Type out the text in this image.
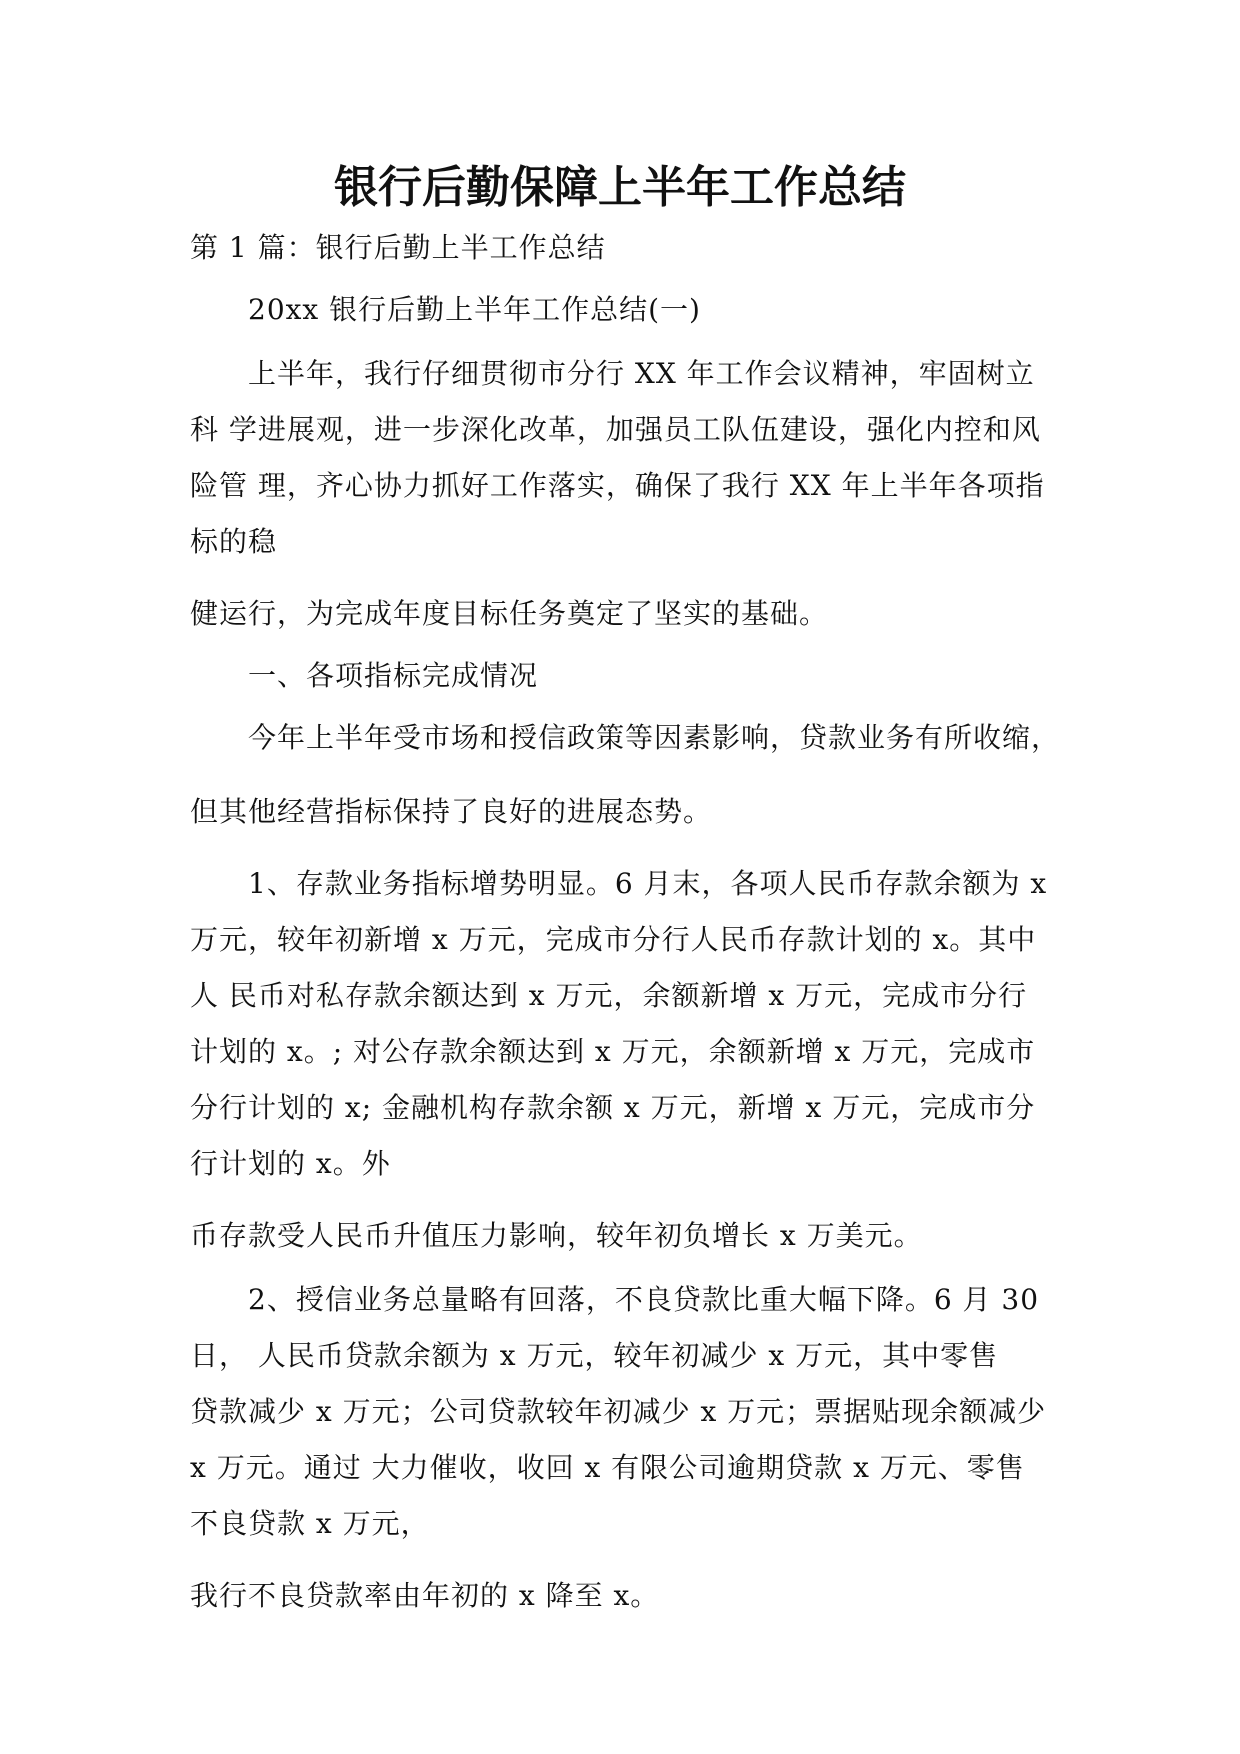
银行后勤保障上半年工作总结
第 1 篇：银行后勤上半工作总结
20xx 银行后勤上半年工作总结(一)
上半年，我行仔细贯彻市分行 XX 年工作会议精神，牢固树立
科 学进展观，进一步深化改革，加强员工队伍建设，强化内控和风
险管 理，齐心协力抓好工作落实，确保了我行 XX 年上半年各项指
标的稳
健运行，为完成年度目标任务奠定了坚实的基础。
一、各项指标完成情况
今年上半年受市场和授信政策等因素影响，贷款业务有所收缩，
但其他经营指标保持了良好的进展态势。
1、存款业务指标增势明显。6 月末，各项人民币存款余额为 x
万元，较年初新增 x 万元，完成市分行人民币存款计划的 x。其中
人 民币对私存款余额达到 x 万元，余额新增 x 万元，完成市分行
计划的 x。; 对公存款余额达到 x 万元，余额新增 x 万元，完成市
分行计划的 x; 金融机构存款余额 x 万元，新增 x 万元，完成市分
行计划的 x。外
币存款受人民币升值压力影响，较年初负增长 x 万美元。
2、授信业务总量略有回落，不良贷款比重大幅下降。6 月 30
日， 人民币贷款余额为 x 万元，较年初减少 x 万元，其中零售
贷款减少 x 万元；公司贷款较年初减少 x 万元；票据贴现余额减少
x 万元。通过 大力催收，收回 x 有限公司逾期贷款 x 万元、零售
不良贷款 x 万元，
我行不良贷款率由年初的 x 降至 x。
